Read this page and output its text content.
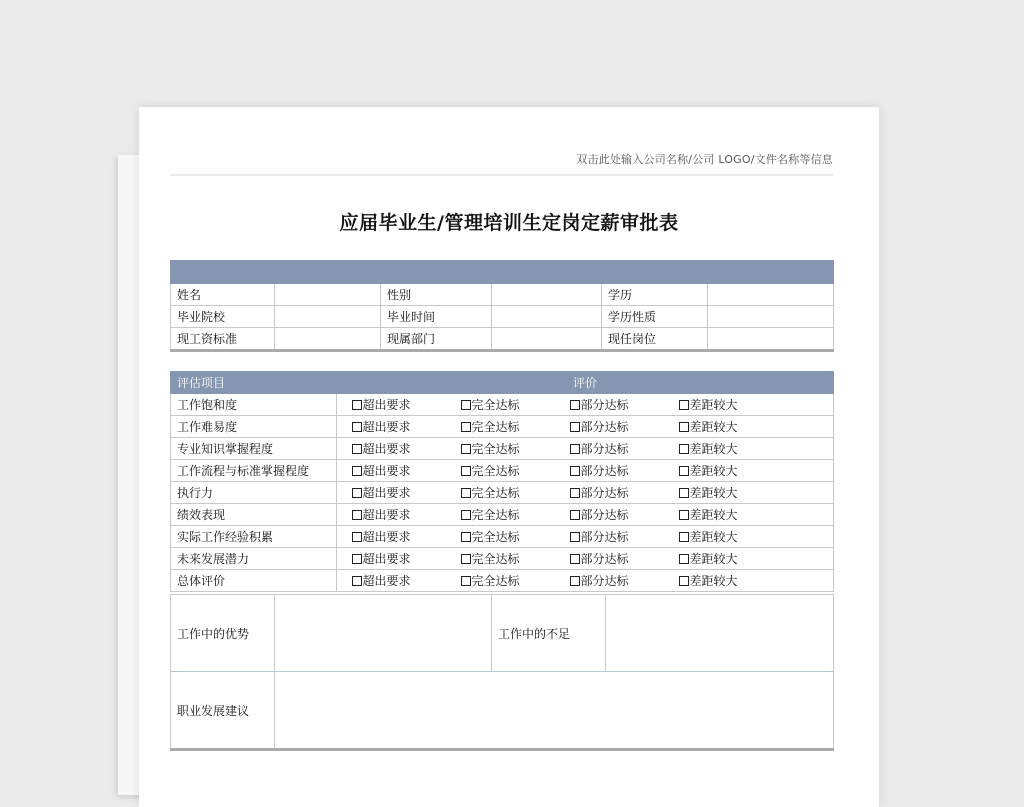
双击此处输入公司名称/公司 LOGO/文件名称等信息
应届毕业生/管理培训生定岗定薪审批表

姓名		性别		学历	
毕业院校		毕业时间		学历性质	
现工资标准		现属部门		现任岗位	
评估项目	评价				
工作饱和度		超出要求	完全达标	部分达标	差距较大
工作难易度		超出要求	完全达标	部分达标	差距较大
专业知识掌握程度		超出要求	完全达标	部分达标	差距较大
工作流程与标准掌握程度		超出要求	完全达标	部分达标	差距较大
执行力		超出要求	完全达标	部分达标	差距较大
绩效表现		超出要求	完全达标	部分达标	差距较大
实际工作经验积累		超出要求	完全达标	部分达标	差距较大
未来发展潜力		超出要求	完全达标	部分达标	差距较大
总体评价		超出要求	完全达标	部分达标	差距较大
工作中的优势		工作中的不足	
职业发展建议			
